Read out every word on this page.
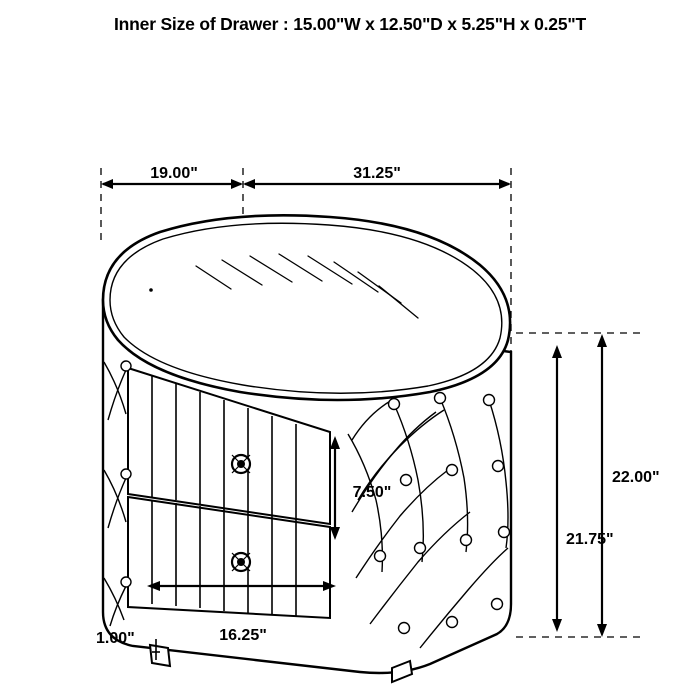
Inner Size of Drawer : 15.00"W x 12.50"D x 5.25"H x 0.25"T
19.00"	31.25"
7.50"
21.75"
22.00"
16.25"
1.00"
